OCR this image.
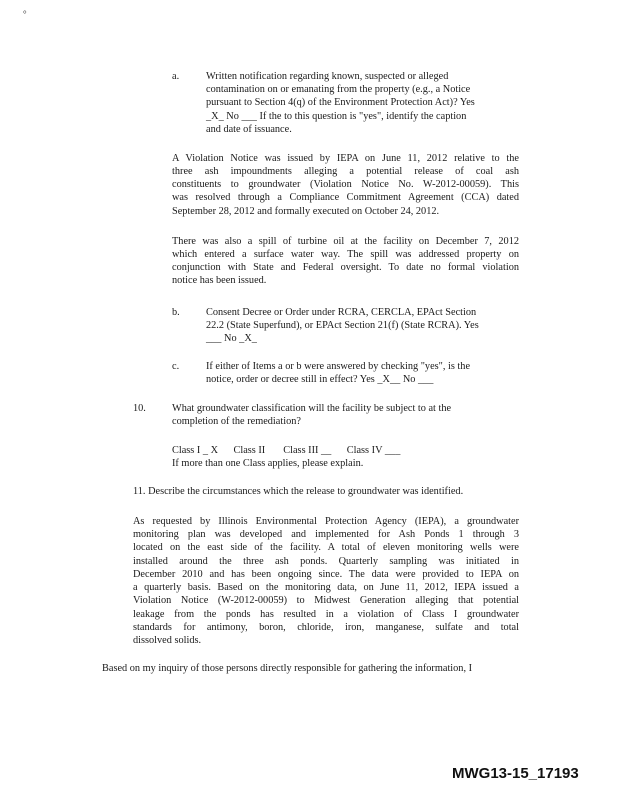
°
a.	Written notification regarding known, suspected or alleged
contamination on or emanating from the property (e.g., a Notice
pursuant to Section 4(q) of the Environment Protection Act)? Yes
_X_ No ___ If the to this question is "yes", identify the caption
and date of issuance.
A Violation Notice was issued by IEPA on June 11, 2012 relative to the
three ash impoundments alleging a potential release of coal ash
constituents to groundwater (Violation Notice No. W-2012-00059). This
was resolved through a Compliance Commitment Agreement (CCA) dated
September 28, 2012 and formally executed on October 24, 2012.
There was also a spill of turbine oil at the facility on December 7, 2012
which entered a surface water way. The spill was addressed property on
conjunction with State and Federal oversight. To date no formal violation
notice has been issued.
b.	Consent Decree or Order under RCRA, CERCLA, EPAct Section
22.2 (State Superfund), or EPAct Section 21(f) (State RCRA). Yes
___ No _X_
c.	If either of Items a or b were answered by checking "yes", is the
notice, order or decree still in effect? Yes _X__ No ___
10.	What groundwater classification will the facility be subject to at the
completion of the remediation?
Class I _ X      Class II       Class III __      Class IV ___
If more than one Class applies, please explain.
11. Describe the circumstances which the release to groundwater was identified.
As requested by Illinois Environmental Protection Agency (IEPA), a groundwater
monitoring plan was developed and implemented for Ash Ponds 1 through 3
located on the east side of the facility. A total of eleven monitoring wells were
installed around the three ash ponds. Quarterly sampling was initiated in
December 2010 and has been ongoing since. The data were provided to IEPA on
a quarterly basis. Based on the monitoring data, on June 11, 2012, IEPA issued a
Violation Notice (W-2012-00059) to Midwest Generation alleging that potential
leakage from the ponds has resulted in a violation of Class I groundwater
standards for antimony, boron, chloride, iron, manganese, sulfate and total
dissolved solids.
Based on my inquiry of those persons directly responsible for gathering the information, I
MWG13-15_17193
